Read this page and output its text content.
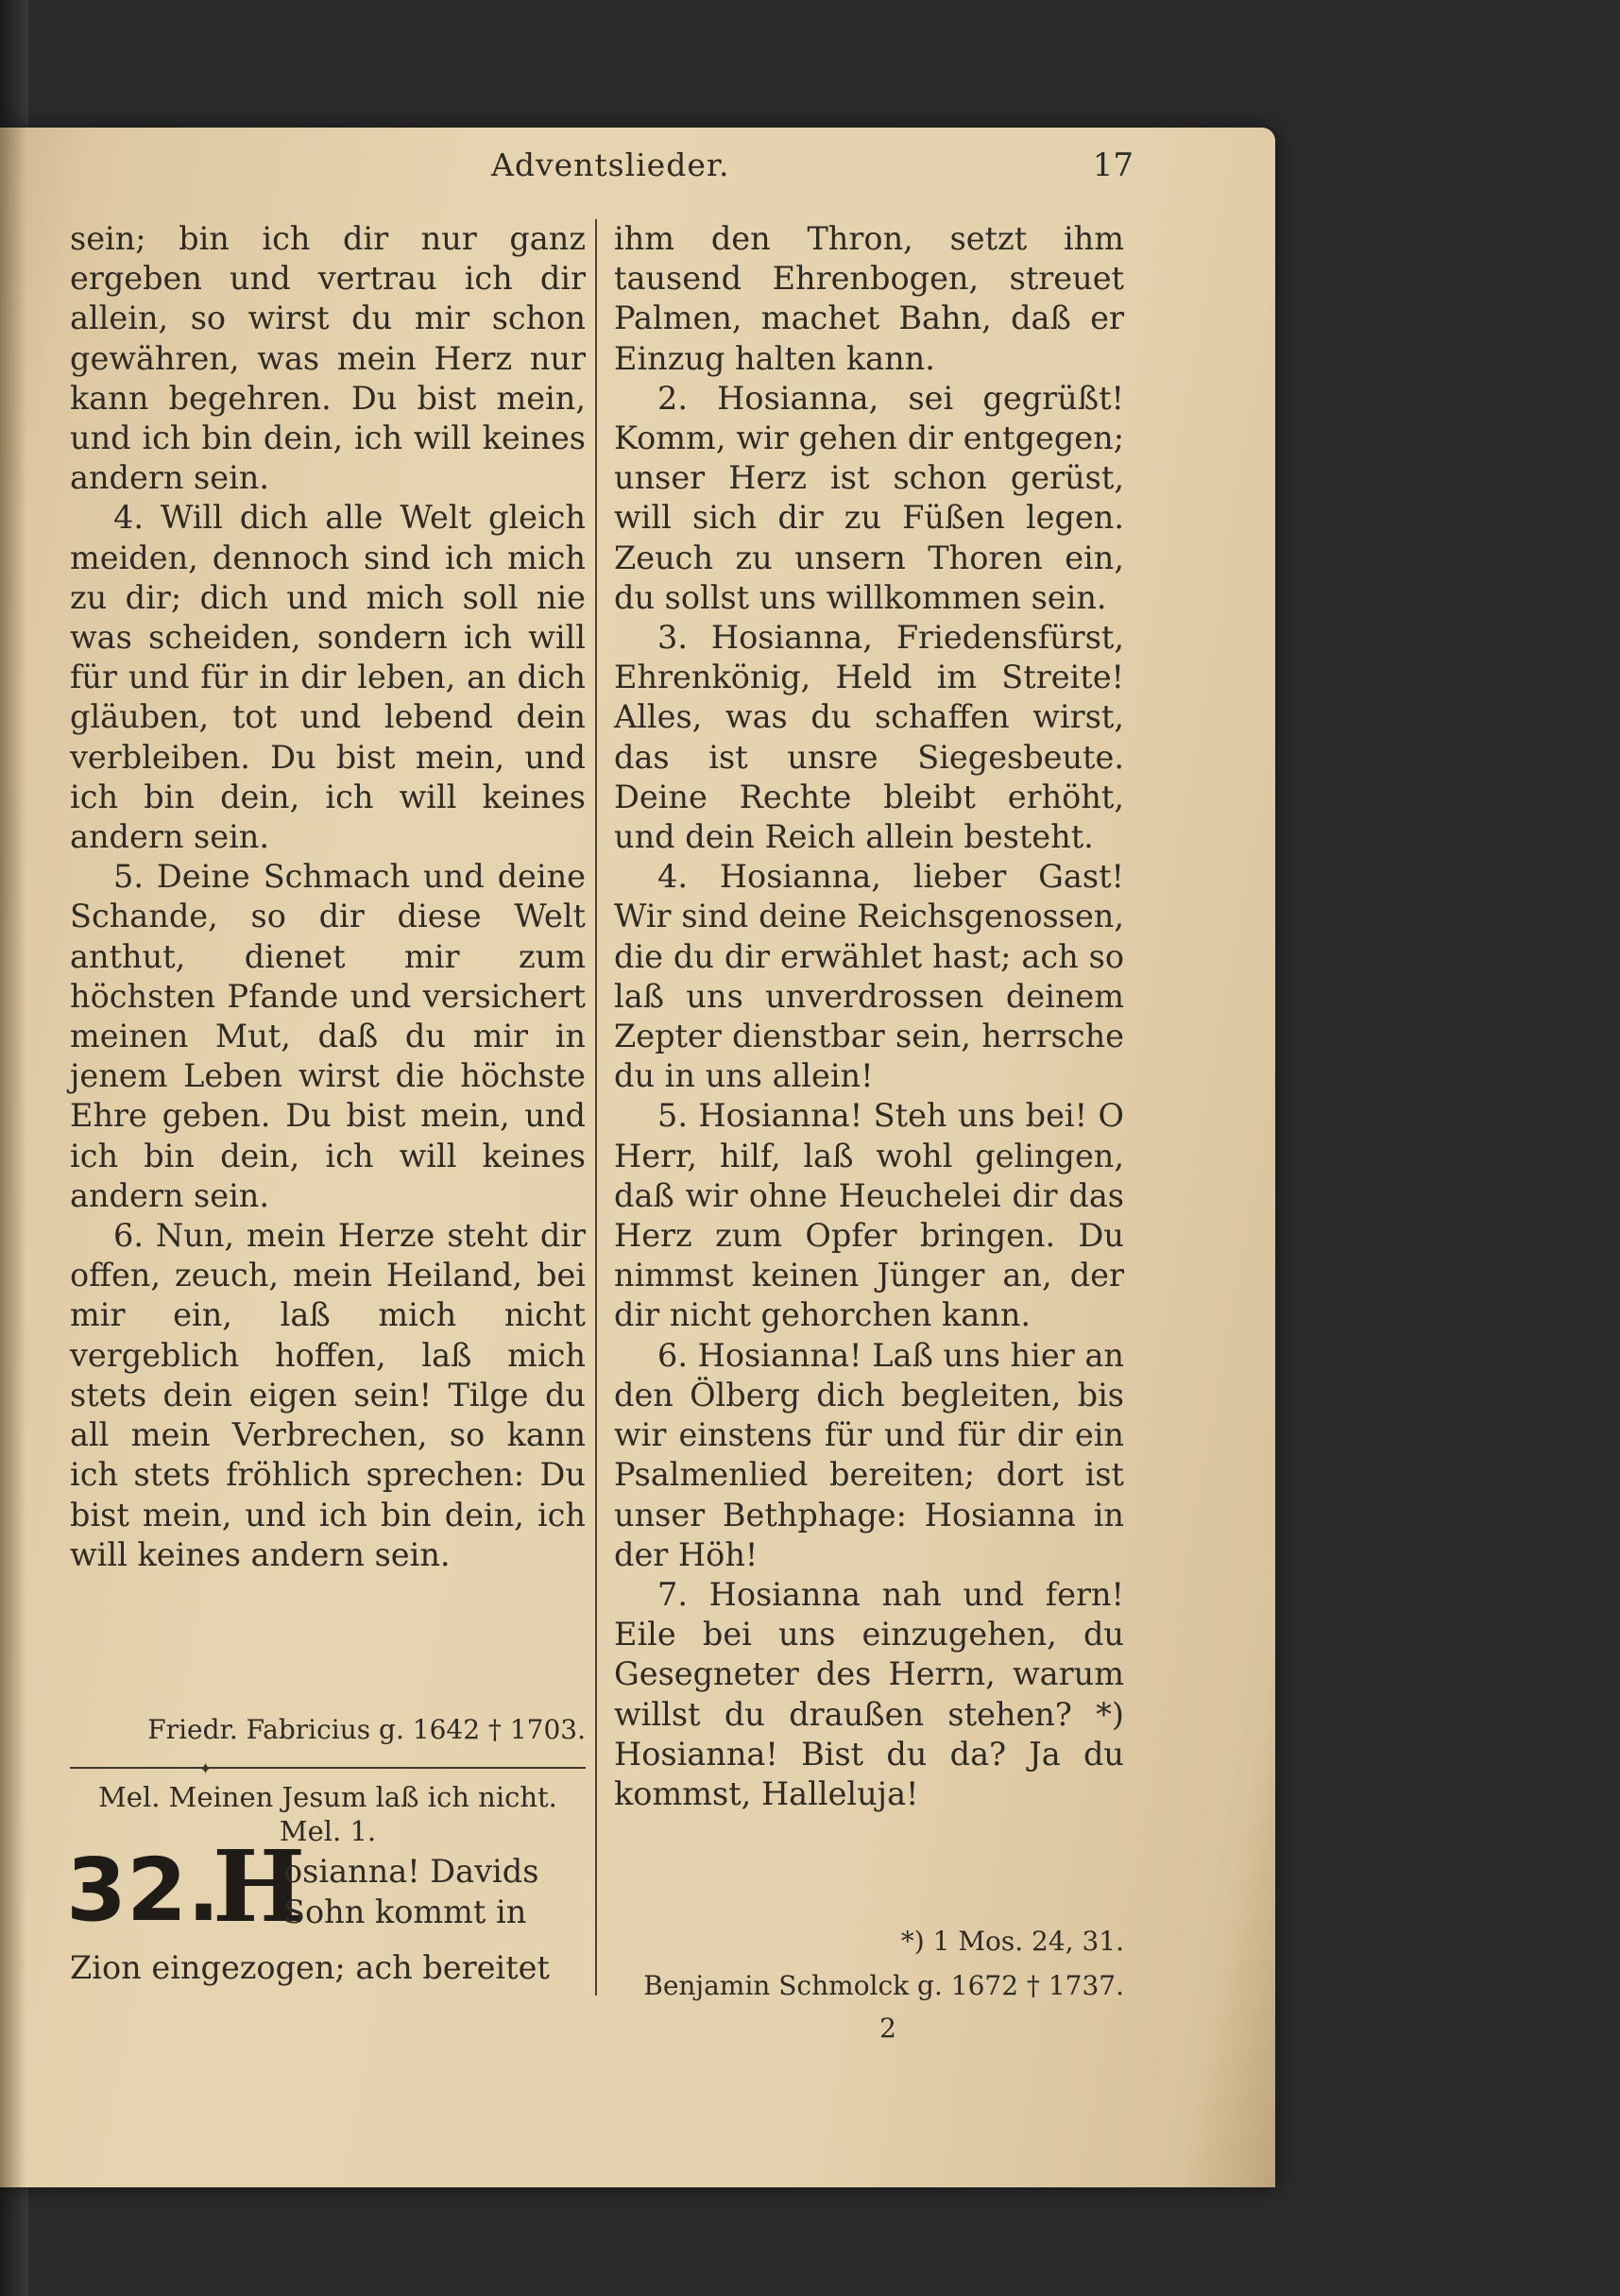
Adventslieder.	17

sein; bin ich dir nur ganz ergeben und vertrau ich dir allein, so wirst du mir schon gewähren, was mein Herz nur kann begehren. Du bist mein, und ich bin dein, ich will keines andern sein.

4. Will dich alle Welt gleich meiden, dennoch sind ich mich zu dir; dich und mich soll nie was scheiden, sondern ich will für und für in dir leben, an dich gläuben, tot und lebend dein verbleiben. Du bist mein, und ich bin dein, ich will keines andern sein.

5. Deine Schmach und deine Schande, so dir diese Welt anthut, dienet mir zum höchsten Pfande und versichert meinen Mut, daß du mir in jenem Leben wirst die höchste Ehre geben. Du bist mein, und ich bin dein, ich will keines andern sein.

6. Nun, mein Herze steht dir offen, zeuch, mein Heiland, bei mir ein, laß mich nicht vergeblich hoffen, laß mich stets dein eigen sein! Tilge du all mein Verbrechen, so kann ich stets fröhlich sprechen: Du bist mein, und ich bin dein, ich will keines andern sein.

Friedr. Fabricius g. 1642 † 1703.
✦
Mel. Meinen Jesum laß ich nicht. Mel. 1.
32.
H
osianna! Davids
Sohn kommt in
Zion eingezogen; ach bereitet

ihm den Thron, setzt ihm tausend Ehrenbogen, streuet Palmen, machet Bahn, daß er Einzug halten kann.

2. Hosianna, sei gegrüßt! Komm, wir gehen dir entgegen; unser Herz ist schon gerüst, will sich dir zu Füßen legen. Zeuch zu unsern Thoren ein, du sollst uns willkommen sein.

3. Hosianna, Friedensfürst, Ehrenkönig, Held im Streite! Alles, was du schaffen wirst, das ist unsre Siegesbeute. Deine Rechte bleibt erhöht, und dein Reich allein besteht.

4. Hosianna, lieber Gast! Wir sind deine Reichsgenossen, die du dir erwählet hast; ach so laß uns unverdrossen deinem Zepter dienstbar sein, herrsche du in uns allein!

5. Hosianna! Steh uns bei! O Herr, hilf, laß wohl gelingen, daß wir ohne Heuchelei dir das Herz zum Opfer bringen. Du nimmst keinen Jünger an, der dir nicht gehorchen kann.

6. Hosianna! Laß uns hier an den Ölberg dich begleiten, bis wir einstens für und für dir ein Psalmenlied bereiten; dort ist unser Bethphage: Hosianna in der Höh!

7. Hosianna nah und fern! Eile bei uns einzugehen, du Gesegneter des Herrn, warum willst du draußen stehen? *) Hosianna! Bist du da? Ja du kommst, Halleluja!

*) 1 Mos. 24, 31.
Benjamin Schmolck g. 1672 † 1737.
2
